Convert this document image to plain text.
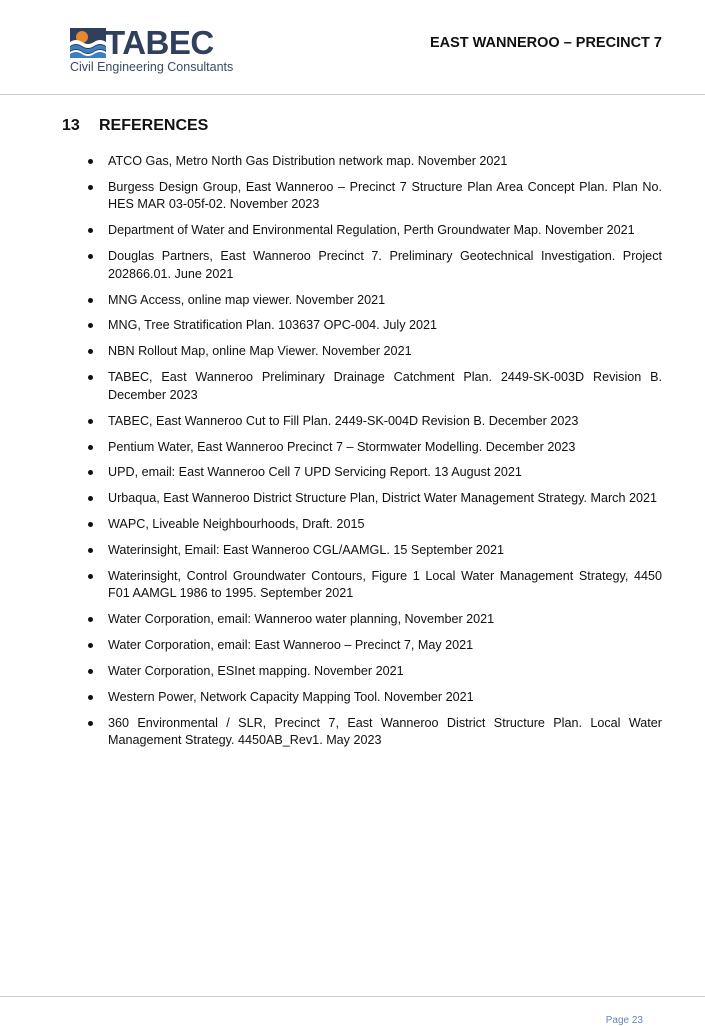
TABEC
Civil Engineering Consultants
EAST WANNEROO – PRECINCT 7
13 REFERENCES
ATCO Gas, Metro North Gas Distribution network map. November 2021
Burgess Design Group, East Wanneroo – Precinct 7 Structure Plan Area Concept Plan. Plan No. HES MAR 03-05f-02. November 2023
Department of Water and Environmental Regulation, Perth Groundwater Map. November 2021
Douglas Partners, East Wanneroo Precinct 7. Preliminary Geotechnical Investigation. Project 202866.01. June 2021
MNG Access, online map viewer. November 2021
MNG, Tree Stratification Plan. 103637 OPC-004. July 2021
NBN Rollout Map, online Map Viewer. November 2021
TABEC, East Wanneroo Preliminary Drainage Catchment Plan. 2449-SK-003D Revision B. December 2023
TABEC, East Wanneroo Cut to Fill Plan. 2449-SK-004D Revision B. December 2023
Pentium Water, East Wanneroo Precinct 7 – Stormwater Modelling. December 2023
UPD, email: East Wanneroo Cell 7 UPD Servicing Report. 13 August 2021
Urbaqua, East Wanneroo District Structure Plan, District Water Management Strategy. March 2021
WAPC, Liveable Neighbourhoods, Draft. 2015
Waterinsight, Email: East Wanneroo CGL/AAMGL. 15 September 2021
Waterinsight, Control Groundwater Contours, Figure 1 Local Water Management Strategy, 4450 F01 AAMGL 1986 to 1995. September 2021
Water Corporation, email: Wanneroo water planning, November 2021
Water Corporation, email: East Wanneroo – Precinct 7, May 2021
Water Corporation, ESInet mapping. November 2021
Western Power, Network Capacity Mapping Tool. November 2021
360 Environmental / SLR, Precinct 7, East Wanneroo District Structure Plan. Local Water Management Strategy. 4450AB_Rev1. May 2023
Page 23
